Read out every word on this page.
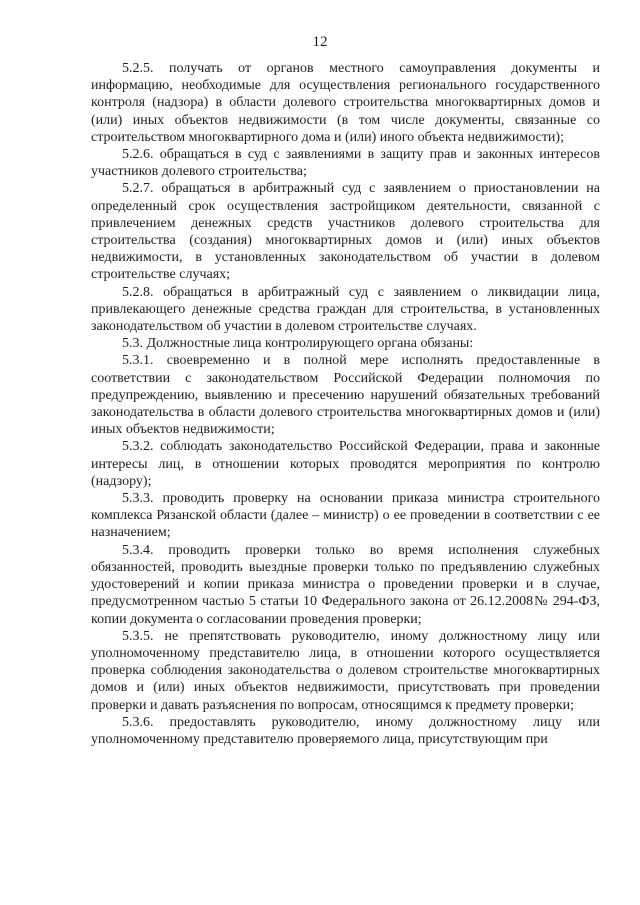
12

5.2.5. получать от органов местного самоуправления документы и информацию, необходимые для осуществления регионального государственного контроля (надзора) в области долевого строительства многоквартирных домов и (или) иных объектов недвижимости (в том числе документы, связанные со строительством многоквартирного дома и (или) иного объекта недвижимости);

5.2.6. обращаться в суд с заявлениями в защиту прав и законных интересов участников долевого строительства;

5.2.7. обращаться в арбитражный суд с заявлением о приостановлении на определенный срок осуществления застройщиком деятельности, связанной с привлечением денежных средств участников долевого строительства для строительства (создания) многоквартирных домов и (или) иных объектов недвижимости, в установленных законодательством об участии в долевом строительстве случаях;

5.2.8. обращаться в арбитражный суд с заявлением о ликвидации лица, привлекающего денежные средства граждан для строительства, в установленных законодательством об участии в долевом строительстве случаях.

5.3. Должностные лица контролирующего органа обязаны:

5.3.1. своевременно и в полной мере исполнять предоставленные в соответствии с законодательством Российской Федерации полномочия по предупреждению, выявлению и пресечению нарушений обязательных требований законодательства в области долевого строительства многоквартирных домов и (или) иных объектов недвижимости;

5.3.2. соблюдать законодательство Российской Федерации, права и законные интересы лиц, в отношении которых проводятся мероприятия по контролю (надзору);

5.3.3. проводить проверку на основании приказа министра строительного комплекса Рязанской области (далее – министр) о ее проведении в соответствии с ее назначением;

5.3.4. проводить проверки только во время исполнения служебных обязанностей, проводить выездные проверки только по предъявлению служебных удостоверений и копии приказа министра о проведении проверки и в случае, предусмотренном частью 5 статьи 10 Федерального закона от 26.12.2008№ 294-ФЗ, копии документа о согласовании проведения проверки;

5.3.5. не препятствовать руководителю, иному должностному лицу или уполномоченному представителю лица, в отношении которого осуществляется проверка соблюдения законодательства о долевом строительстве многоквартирных домов и (или) иных объектов недвижимости, присутствовать при проведении проверки и давать разъяснения по вопросам, относящимся к предмету проверки;

5.3.6. предоставлять руководителю, иному должностному лицу или уполномоченному представителю проверяемого лица, присутствующим при
